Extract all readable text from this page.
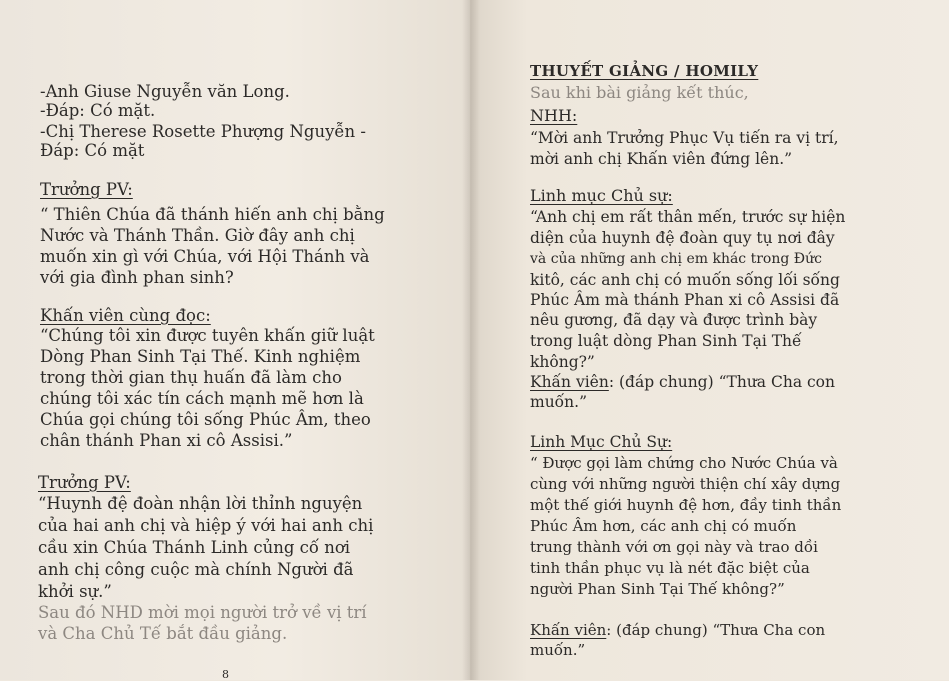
-Anh Giuse Nguyễn văn Long.
-Đáp: Có mặt.
-Chị Therese Rosette Phượng Nguyễn -
Đáp: Có mặt
Trưởng PV:
“ Thiên Chúa đã thánh hiến anh chị bằng
Nước và Thánh Thần. Giờ đây anh chị
muốn xin gì với Chúa, với Hội Thánh và
với gia đình phan sinh?
Khấn viên cùng đọc:
“Chúng tôi xin được tuyên khấn giữ luật
Dòng Phan Sinh Tại Thế. Kinh nghiệm
trong thời gian thụ huấn đã làm cho
chúng tôi xác tín cách mạnh mẽ hơn là
Chúa gọi chúng tôi sống Phúc Âm, theo
chân thánh Phan xi cô Assisi.”
Trưởng PV:
“Huynh đệ đoàn nhận lời thỉnh nguyện
của hai anh chị và hiệp ý với hai anh chị
cầu xin Chúa Thánh Linh củng cố nơi
anh chị công cuộc mà chính Người đã
khởi sự.”
Sau đó NHD mời mọi người trở về vị trí
và Cha Chủ Tế bắt đầu giảng.
8
THUYẾT GIẢNG / HOMILY
Sau khi bài giảng kết thúc,
NHH:
“Mời anh Trưởng Phục Vụ tiến ra vị trí,
mời anh chị Khấn viên đứng lên.”
Linh mục Chủ sự:
“Anh chị em rất thân mến, trước sự hiện
diện của huynh đệ đoàn quy tụ nơi đây
và của những anh chị em khác trong Đức
kitô, các anh chị có muốn sống lối sống
Phúc Âm mà thánh Phan xi cô Assisi đã
nêu gương, đã dạy và được trình bày
trong luật dòng Phan Sinh Tại Thế
không?”
Khấn viên: (đáp chung) “Thưa Cha con
muốn.”
Linh Mục Chủ Sự:
“ Được gọi làm chứng cho Nước Chúa và
cùng với những người thiện chí xây dựng
một thế giới huynh đệ hơn, đầy tinh thần
Phúc Âm hơn, các anh chị có muốn
trung thành với ơn gọi này và trao dồi
tinh thần phục vụ là nét đặc biệt của
người Phan Sinh Tại Thế không?”
Khấn viên: (đáp chung) “Thưa Cha con
muốn.”
